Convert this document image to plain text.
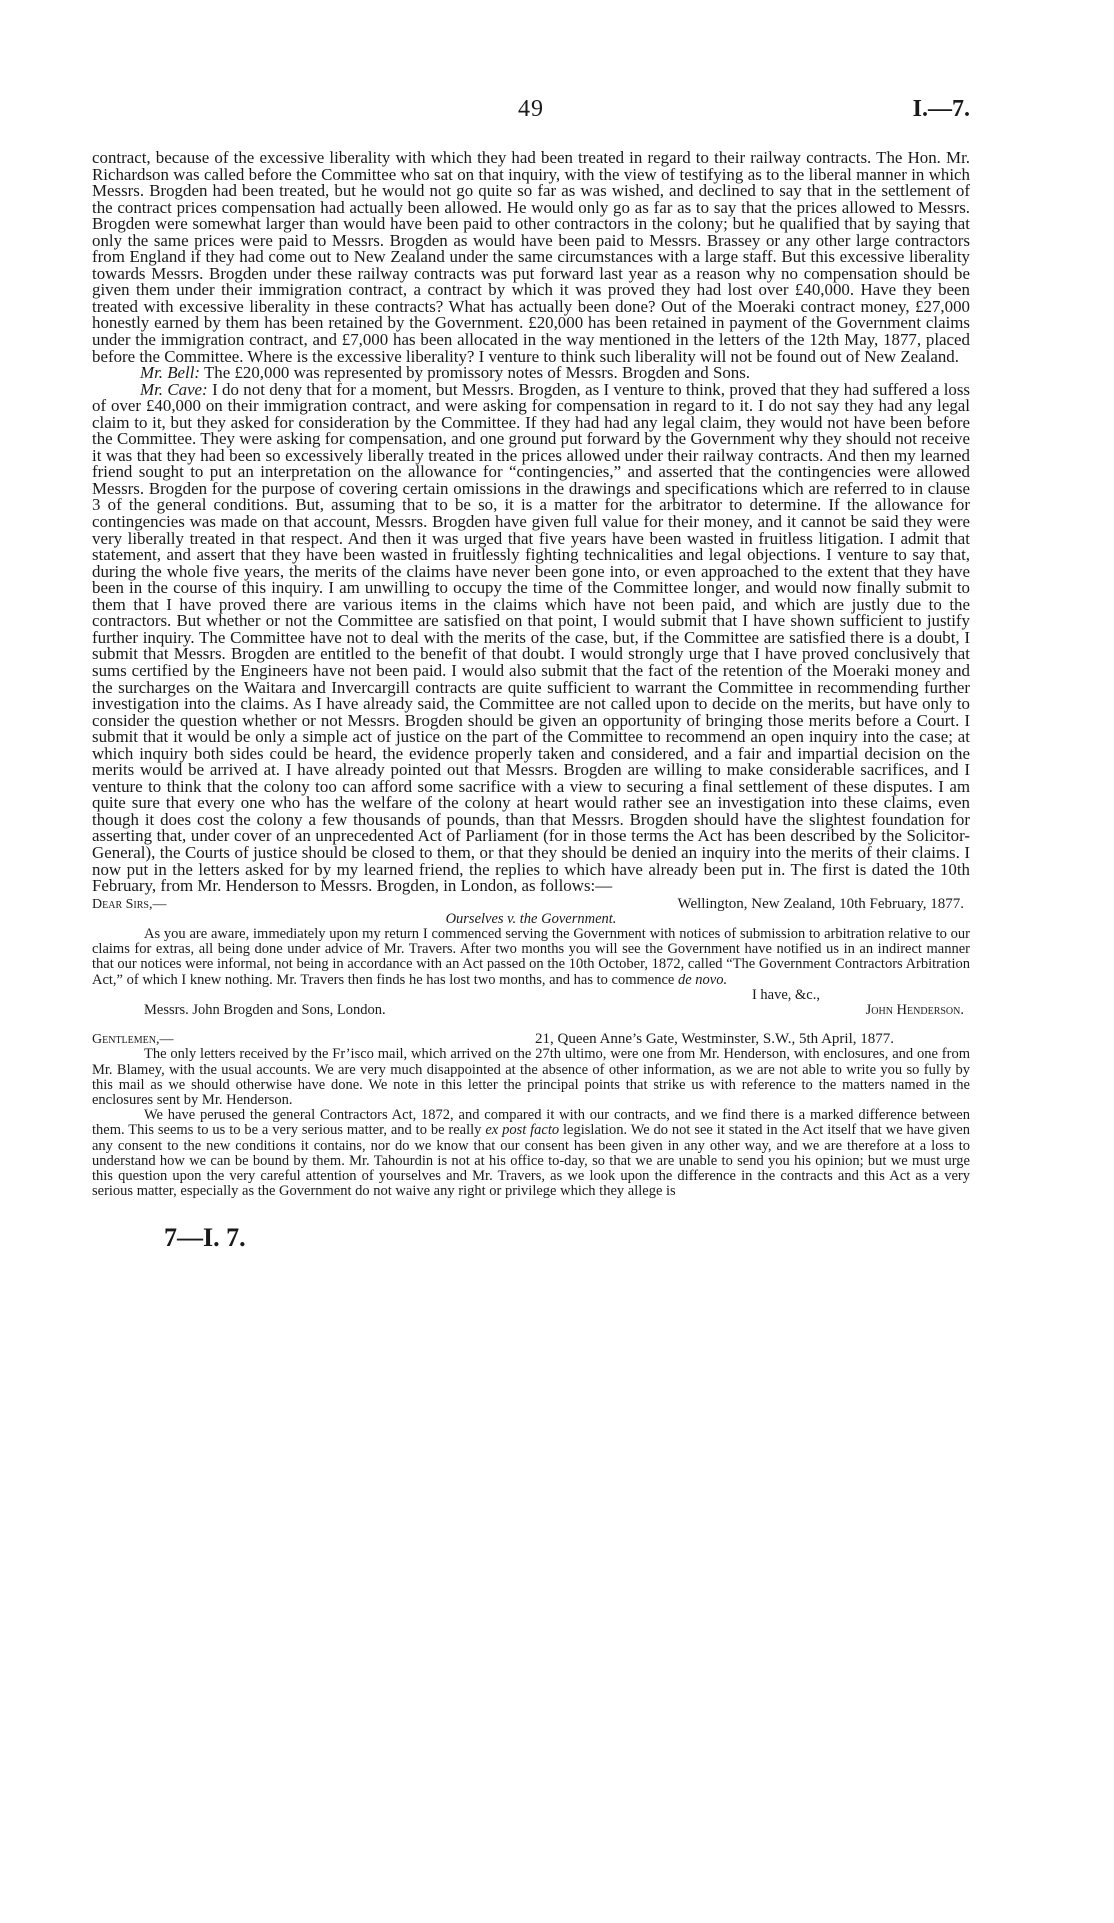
49	I.—7.

contract, because of the excessive liberality with which they had been treated in regard to their railway contracts. The Hon. Mr. Richardson was called before the Committee who sat on that inquiry, with the view of testifying as to the liberal manner in which Messrs. Brogden had been treated, but he would not go quite so far as was wished, and declined to say that in the settlement of the contract prices compensation had actually been allowed. He would only go as far as to say that the prices allowed to Messrs. Brogden were somewhat larger than would have been paid to other contractors in the colony; but he qualified that by saying that only the same prices were paid to Messrs. Brogden as would have been paid to Messrs. Brassey or any other large contractors from England if they had come out to New Zealand under the same circumstances with a large staff. But this excessive liberality towards Messrs. Brogden under these railway contracts was put forward last year as a reason why no compensation should be given them under their immigration contract, a contract by which it was proved they had lost over £40,000. Have they been treated with excessive liberality in these contracts? What has actually been done? Out of the Moeraki contract money, £27,000 honestly earned by them has been retained by the Government. £20,000 has been retained in payment of the Government claims under the immigration contract, and £7,000 has been allocated in the way mentioned in the letters of the 12th May, 1877, placed before the Committee. Where is the excessive liberality? I venture to think such liberality will not be found out of New Zealand.

Mr. Bell: The £20,000 was represented by promissory notes of Messrs. Brogden and Sons.

Mr. Cave: I do not deny that for a moment, but Messrs. Brogden, as I venture to think, proved that they had suffered a loss of over £40,000 on their immigration contract, and were asking for compensation in regard to it. I do not say they had any legal claim to it, but they asked for consideration by the Committee. If they had had any legal claim, they would not have been before the Committee. They were asking for compensation, and one ground put forward by the Government why they should not receive it was that they had been so excessively liberally treated in the prices allowed under their railway contracts. And then my learned friend sought to put an interpretation on the allowance for “contingencies,” and asserted that the contingencies were allowed Messrs. Brogden for the purpose of covering certain omissions in the drawings and specifications which are referred to in clause 3 of the general conditions. But, assuming that to be so, it is a matter for the arbitrator to determine. If the allowance for contingencies was made on that account, Messrs. Brogden have given full value for their money, and it cannot be said they were very liberally treated in that respect. And then it was urged that five years have been wasted in fruitless litigation. I admit that statement, and assert that they have been wasted in fruitlessly fighting technicalities and legal objections. I venture to say that, during the whole five years, the merits of the claims have never been gone into, or even approached to the extent that they have been in the course of this inquiry. I am unwilling to occupy the time of the Committee longer, and would now finally submit to them that I have proved there are various items in the claims which have not been paid, and which are justly due to the contractors. But whether or not the Committee are satisfied on that point, I would submit that I have shown sufficient to justify further inquiry. The Committee have not to deal with the merits of the case, but, if the Committee are satisfied there is a doubt, I submit that Messrs. Brogden are entitled to the benefit of that doubt. I would strongly urge that I have proved conclusively that sums certified by the Engineers have not been paid. I would also submit that the fact of the retention of the Moeraki money and the surcharges on the Waitara and Invercargill contracts are quite sufficient to warrant the Committee in recommending further investigation into the claims. As I have already said, the Committee are not called upon to decide on the merits, but have only to consider the question whether or not Messrs. Brogden should be given an opportunity of bringing those merits before a Court. I submit that it would be only a simple act of justice on the part of the Committee to recommend an open inquiry into the case; at which inquiry both sides could be heard, the evidence properly taken and considered, and a fair and impartial decision on the merits would be arrived at. I have already pointed out that Messrs. Brogden are willing to make considerable sacrifices, and I venture to think that the colony too can afford some sacrifice with a view to securing a final settlement of these disputes. I am quite sure that every one who has the welfare of the colony at heart would rather see an investigation into these claims, even though it does cost the colony a few thousands of pounds, than that Messrs. Brogden should have the slightest foundation for asserting that, under cover of an unprecedented Act of Parliament (for in those terms the Act has been described by the Solicitor-General), the Courts of justice should be closed to them, or that they should be denied an inquiry into the merits of their claims. I now put in the letters asked for by my learned friend, the replies to which have already been put in. The first is dated the 10th February, from Mr. Henderson to Messrs. Brogden, in London, as follows:—

Dear Sirs,—	Wellington, New Zealand, 10th February, 1877.
Ourselves v. the Government.

As you are aware, immediately upon my return I commenced serving the Government with notices of submission to arbitration relative to our claims for extras, all being done under advice of Mr. Travers. After two months you will see the Government have notified us in an indirect manner that our notices were informal, not being in accordance with an Act passed on the 10th October, 1872, called “The Government Contractors Arbitration Act,” of which I knew nothing. Mr. Travers then finds he has lost two months, and has to commence de novo.

I have, &c.,
Messrs. John Brogden and Sons, London.	John Henderson.
Gentlemen,—	21, Queen Anne’s Gate, Westminster, S.W., 5th April, 1877.

The only letters received by the Fr’isco mail, which arrived on the 27th ultimo, were one from Mr. Henderson, with enclosures, and one from Mr. Blamey, with the usual accounts. We are very much disappointed at the absence of other information, as we are not able to write you so fully by this mail as we should otherwise have done. We note in this letter the principal points that strike us with reference to the matters named in the enclosures sent by Mr. Henderson.

We have perused the general Contractors Act, 1872, and compared it with our contracts, and we find there is a marked difference between them. This seems to us to be a very serious matter, and to be really ex post facto legislation. We do not see it stated in the Act itself that we have given any consent to the new conditions it contains, nor do we know that our consent has been given in any other way, and we are therefore at a loss to understand how we can be bound by them. Mr. Tahourdin is not at his office to-day, so that we are unable to send you his opinion; but we must urge this question upon the very careful attention of yourselves and Mr. Travers, as we look upon the difference in the contracts and this Act as a very serious matter, especially as the Government do not waive any right or privilege which they allege is

7—I. 7.
